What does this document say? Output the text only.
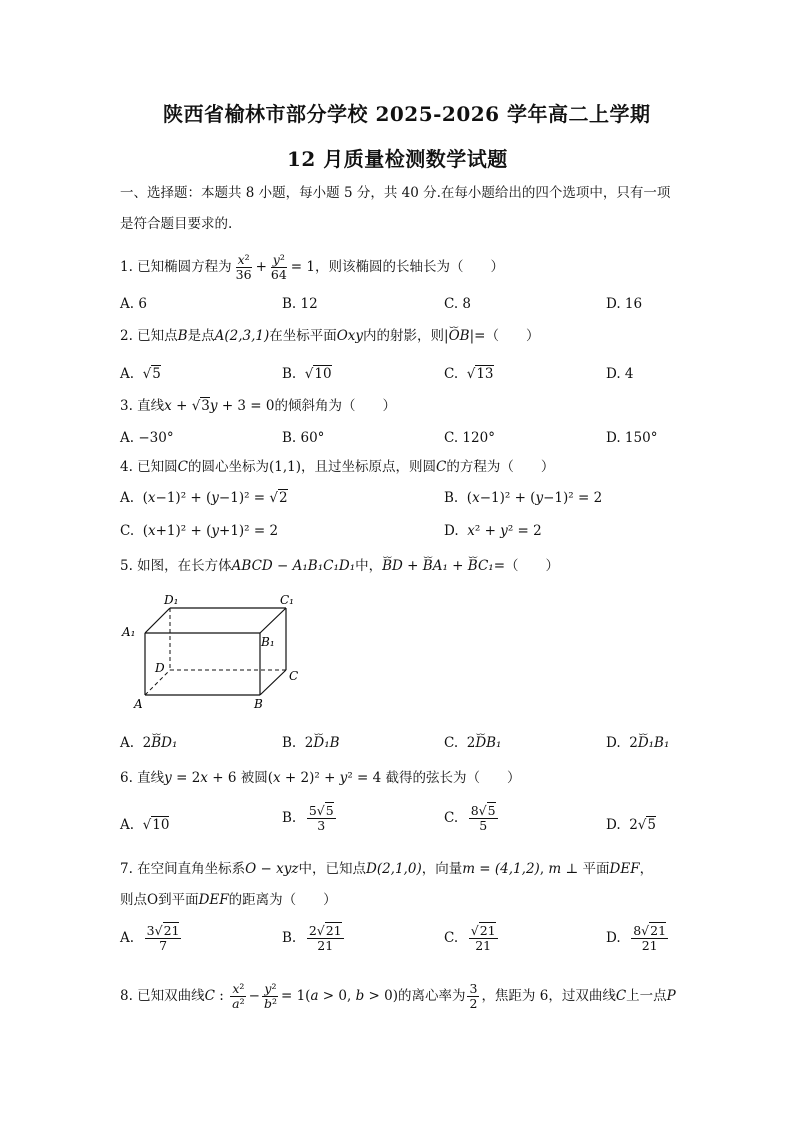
陕西省榆林市部分学校 2025-2026 学年高二上学期
12 月质量检测数学试题
一、选择题：本题共 8 小题，每小题 5 分，共 40 分.在每小题给出的四个选项中，只有一项
是符合题目要求的.
1. 已知椭圆方程为 $\frac{\text{x²}}{36} + \frac{\text{y²}}{64} = 1$，则该椭圆的长轴长为（　　）
A. 6	B. 12	C. 8	D. 16
2. 已知点B是点A(2,3,1)在坐标平面Oxy内的射影，则|⌣⌣ OB|=（　　）
A.  √5	B.  √10	C.  √13	D. 4
3. 直线x + √3y + 3 = 0的倾斜角为（　　）
A. −30°	B. 60°	C. 120°	D. 150°
4. 已知圆C的圆心坐标为(1,1)，且过坐标原点，则圆C的方程为（　　）
A.  (x−1)² + (y−1)² = √2	B.  (x−1)² + (y−1)² = 2
C.  (x+1)² + (y+1)² = 2	D. x² + y² = 2
5. 如图，在长方体ABCD − A₁B₁C₁D₁中，⌣⌣ BD + ⌣⌣ BA₁ + ⌣⌣ BC₁=（　　）
D₁	C₁
A₁
B₁
D
C
A	B
A.  2⌣⌣ BD₁	B.  2⌣⌣ D₁B	C.  2⌣⌣ DB₁	D.  2⌣⌣ D₁B₁
6. 直线y = 2x + 6 被圆(x + 2)² + y² = 4 截得的弦长为（　　）
A.  √10	B. $\frac{5√5}{3}$	C. $\frac{8√5}{5}$	D.  2√5
7. 在空间直角坐标系O − xyz中，已知点D(2,1,0)，向量m = (4,1,2), m ⊥ 平面DEF，
则点O到平面DEF的距离为（　　）
A. $\frac{3√21}{7}$	B. $\frac{2√21}{21}$	C. $\frac{√21}{21}$	D. $\frac{8√21}{21}$
8. 已知双曲线C : $\frac{\text{x²}}{\text{a²}} - \frac{\text{y²}}{\text{b²}} = 1(a > 0$, b > 0)的离心率为 $\frac{3}{2}$ ，焦距为 6，过双曲线C上一点P
